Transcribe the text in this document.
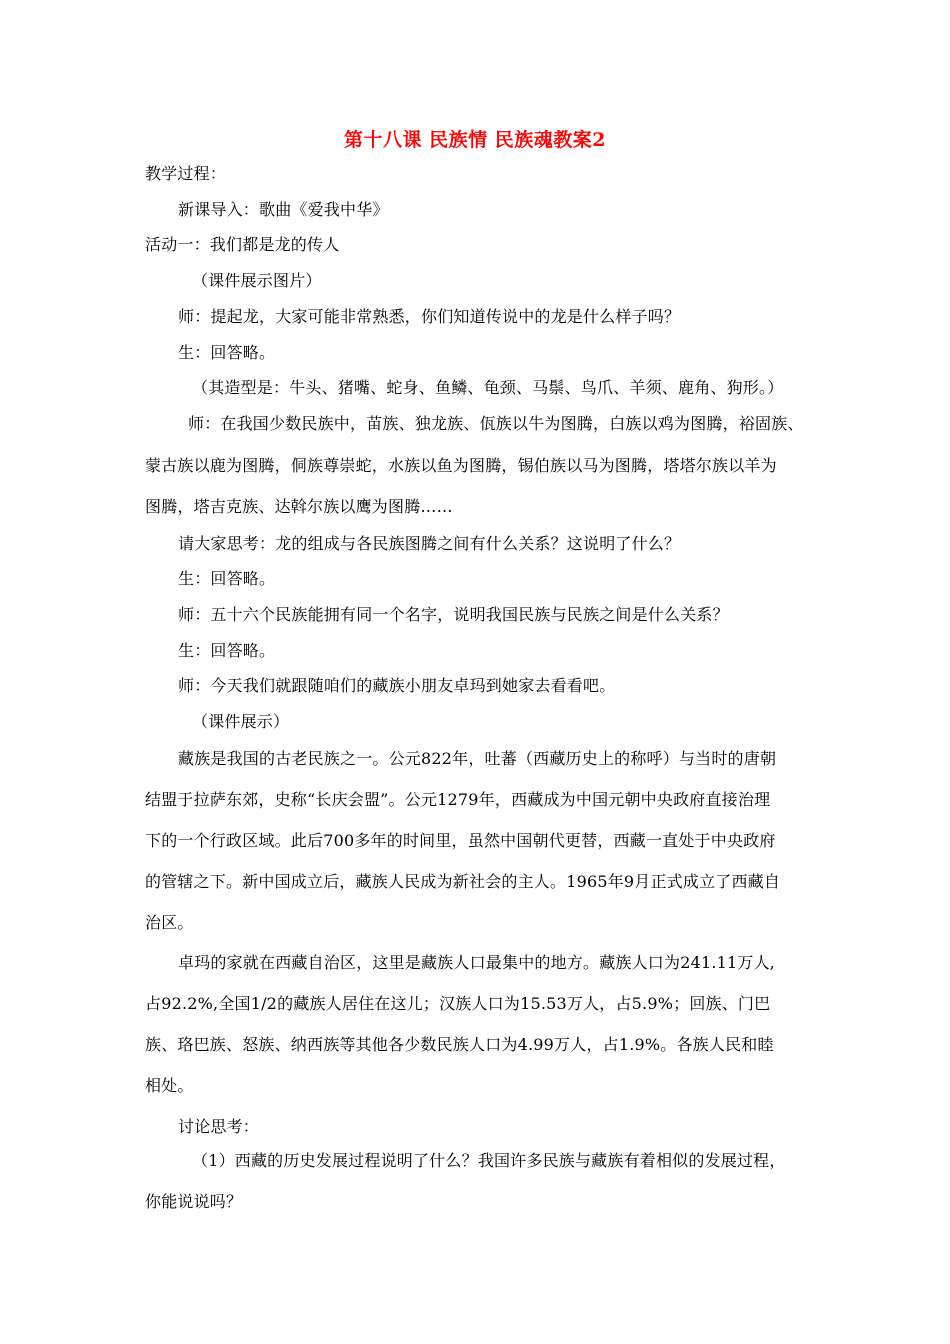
第十八课 民族情 民族魂教案2
教学过程：
新课导入：歌曲《爱我中华》
活动一：我们都是龙的传人
（课件展示图片）
师：提起龙，大家可能非常熟悉，你们知道传说中的龙是什么样子吗？
生：回答略。
（其造型是：牛头、猪嘴、蛇身、鱼鳞、龟颈、马鬃、鸟爪、羊须、鹿角、狗形。）
师：在我国少数民族中，苗族、独龙族、佤族以牛为图腾，白族以鸡为图腾，裕固族、
蒙古族以鹿为图腾，侗族尊崇蛇，水族以鱼为图腾，锡伯族以马为图腾，塔塔尔族以羊为
图腾，塔吉克族、达斡尔族以鹰为图腾……
请大家思考：龙的组成与各民族图腾之间有什么关系？这说明了什么？
生：回答略。
师：五十六个民族能拥有同一个名字，说明我国民族与民族之间是什么关系？
生：回答略。
师：今天我们就跟随咱们的藏族小朋友卓玛到她家去看看吧。
（课件展示）
藏族是我国的古老民族之一。公元822年，吐蕃（西藏历史上的称呼）与当时的唐朝
结盟于拉萨东郊，史称“长庆会盟”。公元1279年，西藏成为中国元朝中央政府直接治理
下的一个行政区域。此后700多年的时间里，虽然中国朝代更替，西藏一直处于中央政府
的管辖之下。新中国成立后，藏族人民成为新社会的主人。1965年9月正式成立了西藏自
治区。
卓玛的家就在西藏自治区，这里是藏族人口最集中的地方。藏族人口为241.11万人,
占92.2%,全国1/2的藏族人居住在这儿；汉族人口为15.53万人，占5.9%；回族、门巴
族、珞巴族、怒族、纳西族等其他各少数民族人口为4.99万人，占1.9%。各族人民和睦
相处。
讨论思考：
（1）西藏的历史发展过程说明了什么？我国许多民族与藏族有着相似的发展过程，
你能说说吗？
